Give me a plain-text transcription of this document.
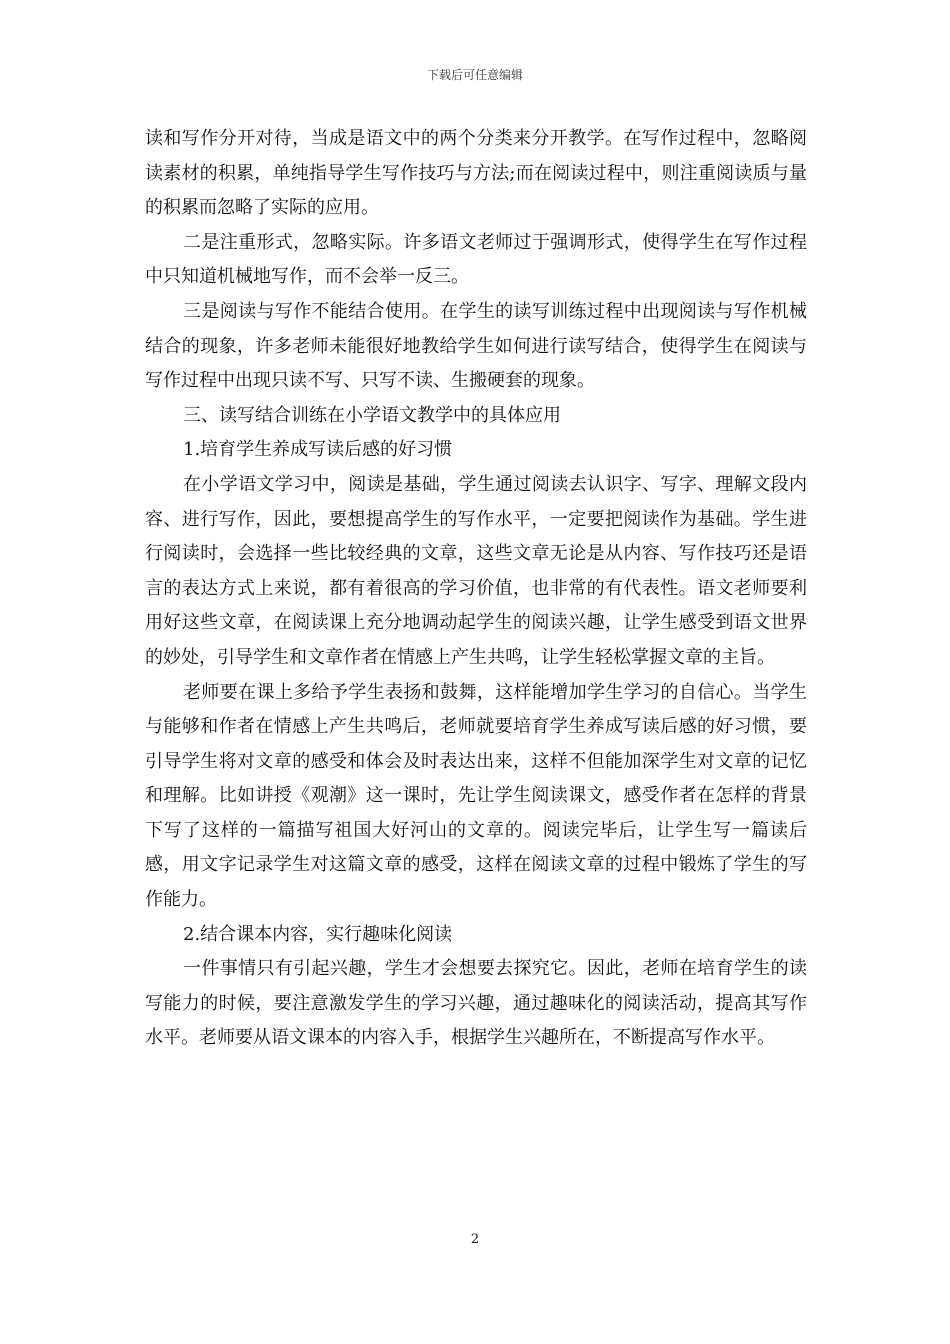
下载后可任意编辑

读和写作分开对待，当成是语文中的两个分类来分开教学。在写作过程中，忽略阅读素材的积累，单纯指导学生写作技巧与方法;而在阅读过程中，则注重阅读质与量的积累而忽略了实际的应用。

二是注重形式，忽略实际。许多语文老师过于强调形式，使得学生在写作过程中只知道机械地写作，而不会举一反三。

三是阅读与写作不能结合使用。在学生的读写训练过程中出现阅读与写作机械结合的现象，许多老师未能很好地教给学生如何进行读写结合，使得学生在阅读与写作过程中出现只读不写、只写不读、生搬硬套的现象。

三、读写结合训练在小学语文教学中的具体应用

1.培育学生养成写读后感的好习惯

在小学语文学习中，阅读是基础，学生通过阅读去认识字、写字、理解文段内容、进行写作，因此，要想提高学生的写作水平，一定要把阅读作为基础。学生进行阅读时，会选择一些比较经典的文章，这些文章无论是从内容、写作技巧还是语言的表达方式上来说，都有着很高的学习价值，也非常的有代表性。语文老师要利用好这些文章，在阅读课上充分地调动起学生的阅读兴趣，让学生感受到语文世界的妙处，引导学生和文章作者在情感上产生共鸣，让学生轻松掌握文章的主旨。

老师要在课上多给予学生表扬和鼓舞，这样能增加学生学习的自信心。当学生与能够和作者在情感上产生共鸣后，老师就要培育学生养成写读后感的好习惯，要引导学生将对文章的感受和体会及时表达出来，这样不但能加深学生对文章的记忆和理解。比如讲授《观潮》这一课时，先让学生阅读课文，感受作者在怎样的背景下写了这样的一篇描写祖国大好河山的文章的。阅读完毕后，让学生写一篇读后感，用文字记录学生对这篇文章的感受，这样在阅读文章的过程中锻炼了学生的写作能力。

2.结合课本内容，实行趣味化阅读

一件事情只有引起兴趣，学生才会想要去探究它。因此，老师在培育学生的读写能力的时候，要注意激发学生的学习兴趣，通过趣味化的阅读活动，提高其写作水平。老师要从语文课本的内容入手，根据学生兴趣所在，不断提高写作水平。

2
